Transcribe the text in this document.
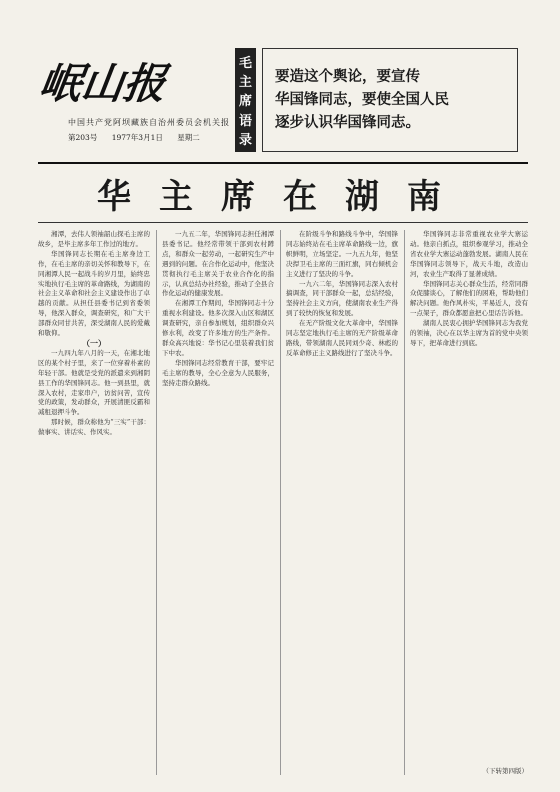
岷山报
中国共产党阿坝藏族自治州委员会机关报
第203号 1977年3月1日 星期二
毛
主
席
语
录
要造这个舆论，要宣传
华国锋同志，要使全国人民
逐步认识华国锋同志。
华主席在湖南

湘潭，去伟人领袖韶山探毛主席的故乡，是毕主席多年工作过的地方。

华国锋同志长期在毛主席身边工作，在毛主席的亲切关怀和教导下，在同湘潭人民一起战斗的岁月里，始终忠实地执行毛主席的革命路线，为湖南的社会主义革命和社会主义建设作出了卓越的贡献。从担任县委书记到省委领导，他深入群众，调查研究，和广大干部群众同甘共苦，深受湖南人民的爱戴和敬仰。

（一）

一九四九年八月的一天，在湘北地区的某个村子里，来了一位穿着朴素的年轻干部。他就是受党的派遣来到湘阴县工作的华国锋同志。他一到县里，就深入农村，走家串户，访贫问苦，宣传党的政策，发动群众，开展清匪反霸和减租退押斗争。

那时候，群众称他为“三实”干部：做事实、讲话实、作风实。

一九五二年，华国锋同志担任湘潭县委书记。他经常带领干部到农村蹲点，和群众一起劳动，一起研究生产中遇到的问题。在合作化运动中，他坚决贯彻执行毛主席关于农业合作化的指示，认真总结办社经验，推动了全县合作化运动的健康发展。

在湘潭工作期间，华国锋同志十分重视水利建设。他多次深入山区和湖区调查研究，亲自参加规划，组织群众兴修水利，改变了许多地方的生产条件。群众高兴地说：华书记心里装着我们贫下中农。

华国锋同志经常教育干部，要牢记毛主席的教导，全心全意为人民服务，坚持走群众路线。

在阶级斗争和路线斗争中，华国锋同志始终站在毛主席革命路线一边，旗帜鲜明，立场坚定。一九五九年，他坚决捍卫毛主席的三面红旗，同右倾机会主义进行了坚决的斗争。

一九六二年，华国锋同志深入农村搞调查，同干部群众一起，总结经验，坚持社会主义方向，使湖南农业生产得到了较快的恢复和发展。

在无产阶级文化大革命中，华国锋同志坚定地执行毛主席的无产阶级革命路线，带领湖南人民同刘少奇、林彪的反革命修正主义路线进行了坚决斗争。

华国锋同志非常重视农业学大寨运动。他亲自抓点，组织参观学习，推动全省农业学大寨运动蓬勃发展。湖南人民在华国锋同志领导下，战天斗地，改造山河，农业生产取得了显著成绩。

华国锋同志关心群众生活，经常同群众促膝谈心，了解他们的困难，帮助他们解决问题。他作风朴实，平易近人，没有一点架子，群众都愿意把心里话告诉他。

湖南人民衷心拥护华国锋同志为我党的领袖，决心在以华主席为首的党中央领导下，把革命进行到底。

（下转第四版）
